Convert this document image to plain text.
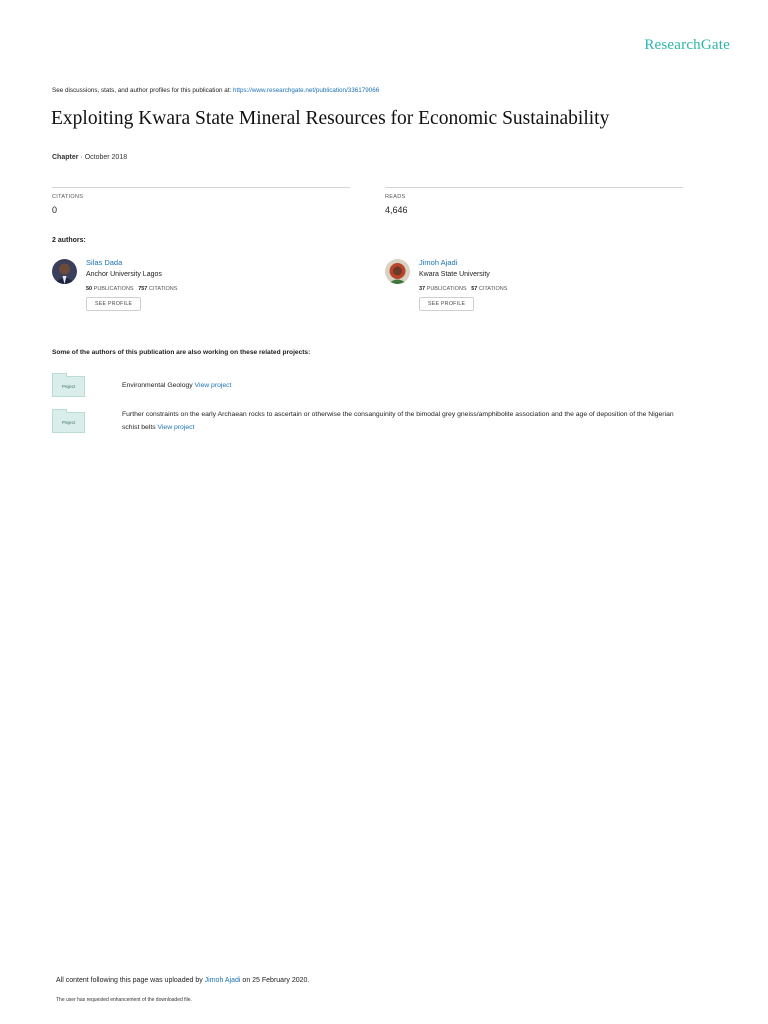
ResearchGate
See discussions, stats, and author profiles for this publication at: https://www.researchgate.net/publication/336179066
Exploiting Kwara State Mineral Resources for Economic Sustainability
Chapter · October 2018
CITATIONS
0
READS
4,646
2 authors:
Silas Dada
Anchor University Lagos
50 PUBLICATIONS 757 CITATIONS
SEE PROFILE
Jimoh Ajadi
Kwara State University
37 PUBLICATIONS 57 CITATIONS
SEE PROFILE
Some of the authors of this publication are also working on these related projects:
Project	Environmental Geology View project
Project
Further constraints on the early Archaean rocks to ascertain or otherwise the consanguinity of the bimodal grey gneiss/amphibolite association and the age of deposition of the Nigerian schist belts View project
All content following this page was uploaded by Jimoh Ajadi on 25 February 2020.
The user has requested enhancement of the downloaded file.
